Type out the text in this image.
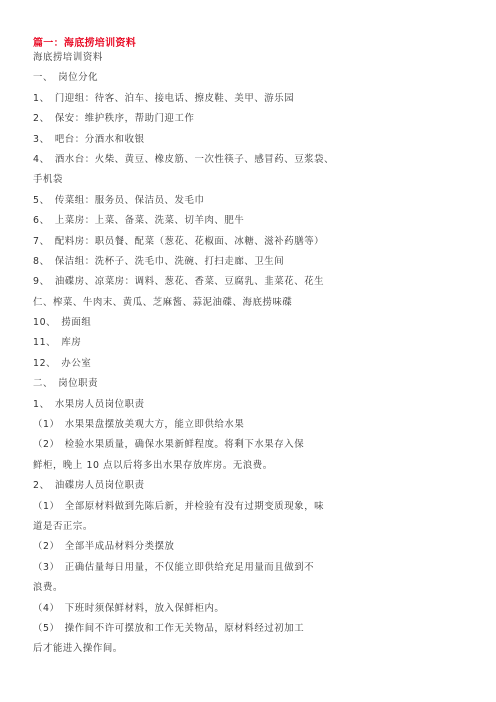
篇一：海底捞培训资料
海底捞培训资料
一、　岗位分化
1、　门迎组：待客、泊车、接电话、擦皮鞋、美甲、游乐园
2、　保安：维护秩序，帮助门迎工作
3、　吧台：分酒水和收银
4、　酒水台：火柴、黄豆、橡皮筋、一次性筷子、感冒药、豆浆袋、
手机袋
5、　传菜组：服务员、保洁员、发毛巾
6、　上菜房：上菜、备菜、洗菜、切羊肉、肥牛
7、　配料房：职员餐、配菜（葱花、花椒面、冰糖、滋补药膳等）
8、　保洁组：洗杯子、洗毛巾、洗碗、打扫走廊、卫生间
9、　油碟房、凉菜房：调料、葱花、香菜、豆腐乳、韭菜花、花生
仁、榨菜、牛肉末、黄瓜、芝麻酱、蒜泥油碟、海底捞味碟
10、　捞面组
11、　库房
12、　办公室
二、　岗位职责
1、　水果房人员岗位职责
（1）　水果果盘摆放美观大方，能立即供给水果
（2）　检验水果质量，确保水果新鲜程度。将剩下水果存入保
鲜柜，晚上 10 点以后将多出水果存放库房。无浪费。
2、　油碟房人员岗位职责
（1）　全部原材料做到先陈后新，并检验有没有过期变质现象，味
道是否正宗。
（2）　全部半成品材料分类摆放
（3）　正确估量每日用量，不仅能立即供给充足用量而且做到不
浪费。
（4）　下班时须保鲜材料，放入保鲜柜内。
（5）　操作间不许可摆放和工作无关物品，原材料经过初加工
后才能进入操作间。
